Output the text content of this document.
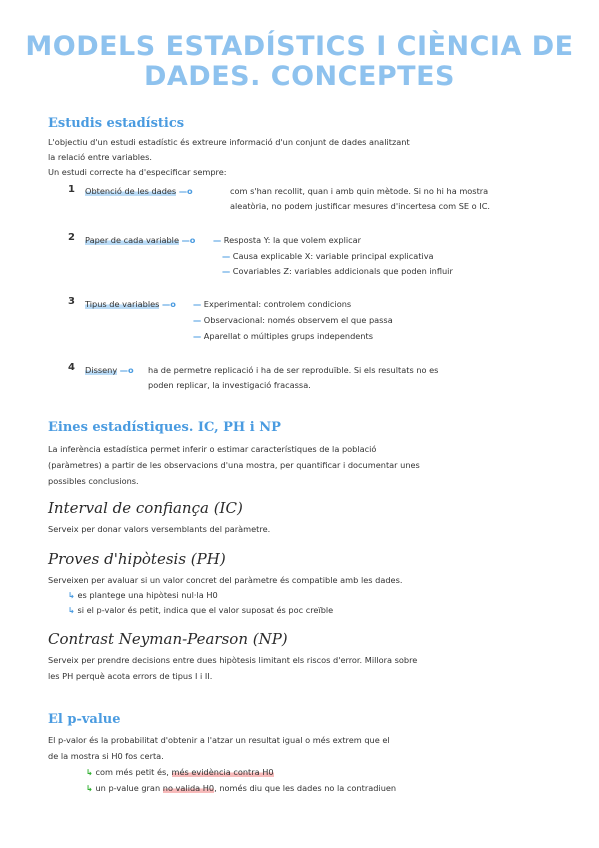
MODELS ESTADÍSTICS I CIÈNCIA DE DADES. CONCEPTES
Estudis estadístics
L'objectiu d'un estudi estadístic és extreure informació d'un conjunt de dades analitzant
la relació entre variables.
Un estudi correcte ha d'especificar sempre:
1 Obtenció de les dades —o	com s'han recollit, quan i amb quin mètode. Si no hi ha mostra
aleatòria, no podem justificar mesures d'incertesa com SE o IC.
2 Paper de cada variable —o — Resposta Y: la que volem explicar
— Causa explicable X: variable principal explicativa
— Covariables Z: variables addicionals que poden influir
3 Tipus de variables —o — Experimental: controlem condicions
— Observacional: només observem el que passa
— Aparellat o múltiples grups independents
4 Disseny —o ha de permetre replicació i ha de ser reproduïble. Si els resultats no es
poden replicar, la investigació fracassa.
Eines estadístiques. IC, PH i NP
La inferència estadística permet inferir o estimar característiques de la població
(paràmetres) a partir de les observacions d'una mostra, per quantificar i documentar unes
possibles conclusions.
Interval de confiança (IC)
Serveix per donar valors versemblants del paràmetre.
Proves d'hipòtesis (PH)
Serveixen per avaluar si un valor concret del paràmetre és compatible amb les dades.
↳ es plantege una hipòtesi nul·la H0
↳ si el p-valor és petit, indica que el valor suposat és poc creïble
Contrast Neyman-Pearson (NP)
Serveix per prendre decisions entre dues hipòtesis limitant els riscos d'error. Millora sobre
les PH perquè acota errors de tipus I i II.
El p-value
El p-valor és la probabilitat d'obtenir a l'atzar un resultat igual o més extrem que el
de la mostra si H0 fos certa.
↳ com més petit és, més evidència contra H0
↳ un p-value gran no valida H0, només diu que les dades no la contradiuen
